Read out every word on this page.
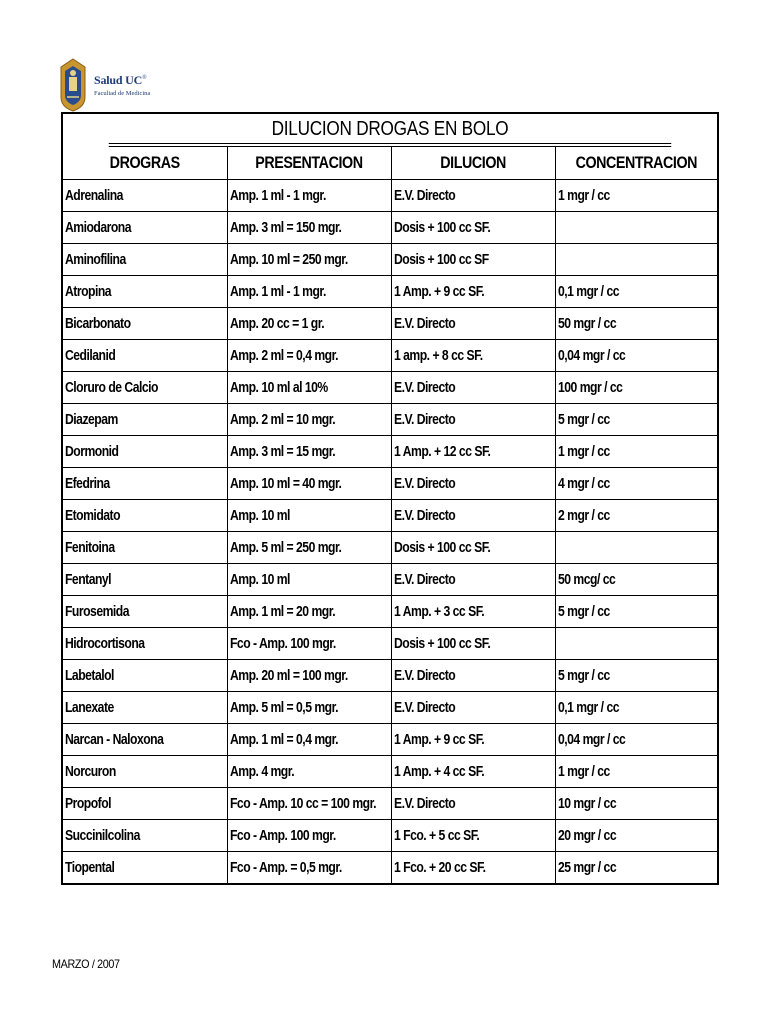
Salud UC®
Facultad de Medicina
DILUCION DROGAS EN BOLO
DROGRAS	PRESENTACION	DILUCION	CONCENTRACION
Adrenalina	Amp. 1 ml - 1 mgr.	E.V. Directo	1 mgr / cc
Amiodarona	Amp. 3 ml = 150 mgr.	Dosis + 100 cc SF.	
Aminofilina	Amp. 10 ml = 250 mgr.	Dosis + 100 cc SF	
Atropina	Amp. 1 ml - 1 mgr.	1 Amp. + 9 cc SF.	0,1 mgr / cc
Bicarbonato	Amp. 20 cc = 1 gr.	E.V. Directo	50 mgr / cc
Cedilanid	Amp. 2 ml = 0,4 mgr.	1 amp. + 8 cc SF.	0,04 mgr / cc
Cloruro de Calcio	Amp. 10 ml al 10%	E.V. Directo	100 mgr / cc
Diazepam	Amp. 2 ml = 10 mgr.	E.V. Directo	5 mgr / cc
Dormonid	Amp. 3 ml = 15 mgr.	1 Amp. + 12 cc SF.	1 mgr / cc
Efedrina	Amp. 10 ml = 40 mgr.	E.V. Directo	4 mgr / cc
Etomidato	Amp. 10 ml	E.V. Directo	2 mgr / cc
Fenitoina	Amp. 5 ml = 250 mgr.	Dosis + 100 cc SF.	
Fentanyl	Amp. 10 ml	E.V. Directo	50 mcg/ cc
Furosemida	Amp. 1 ml = 20 mgr.	1 Amp. + 3 cc SF.	5 mgr / cc
Hidrocortisona	Fco - Amp. 100 mgr.	Dosis + 100 cc SF.	
Labetalol	Amp. 20 ml = 100 mgr.	E.V. Directo	5 mgr / cc
Lanexate	Amp. 5 ml = 0,5 mgr.	E.V. Directo	0,1 mgr / cc
Narcan - Naloxona	Amp. 1 ml = 0,4 mgr.	1 Amp. + 9 cc SF.	0,04 mgr / cc
Norcuron	Amp. 4 mgr.	1 Amp. + 4 cc SF.	1 mgr / cc
Propofol	Fco - Amp. 10 cc = 100 mgr.	E.V. Directo	10 mgr / cc
Succinilcolina	Fco - Amp. 100 mgr.	1 Fco. + 5 cc SF.	20 mgr / cc
Tiopental	Fco - Amp. = 0,5 mgr.	1 Fco. + 20 cc SF.	25 mgr / cc
MARZO / 2007
